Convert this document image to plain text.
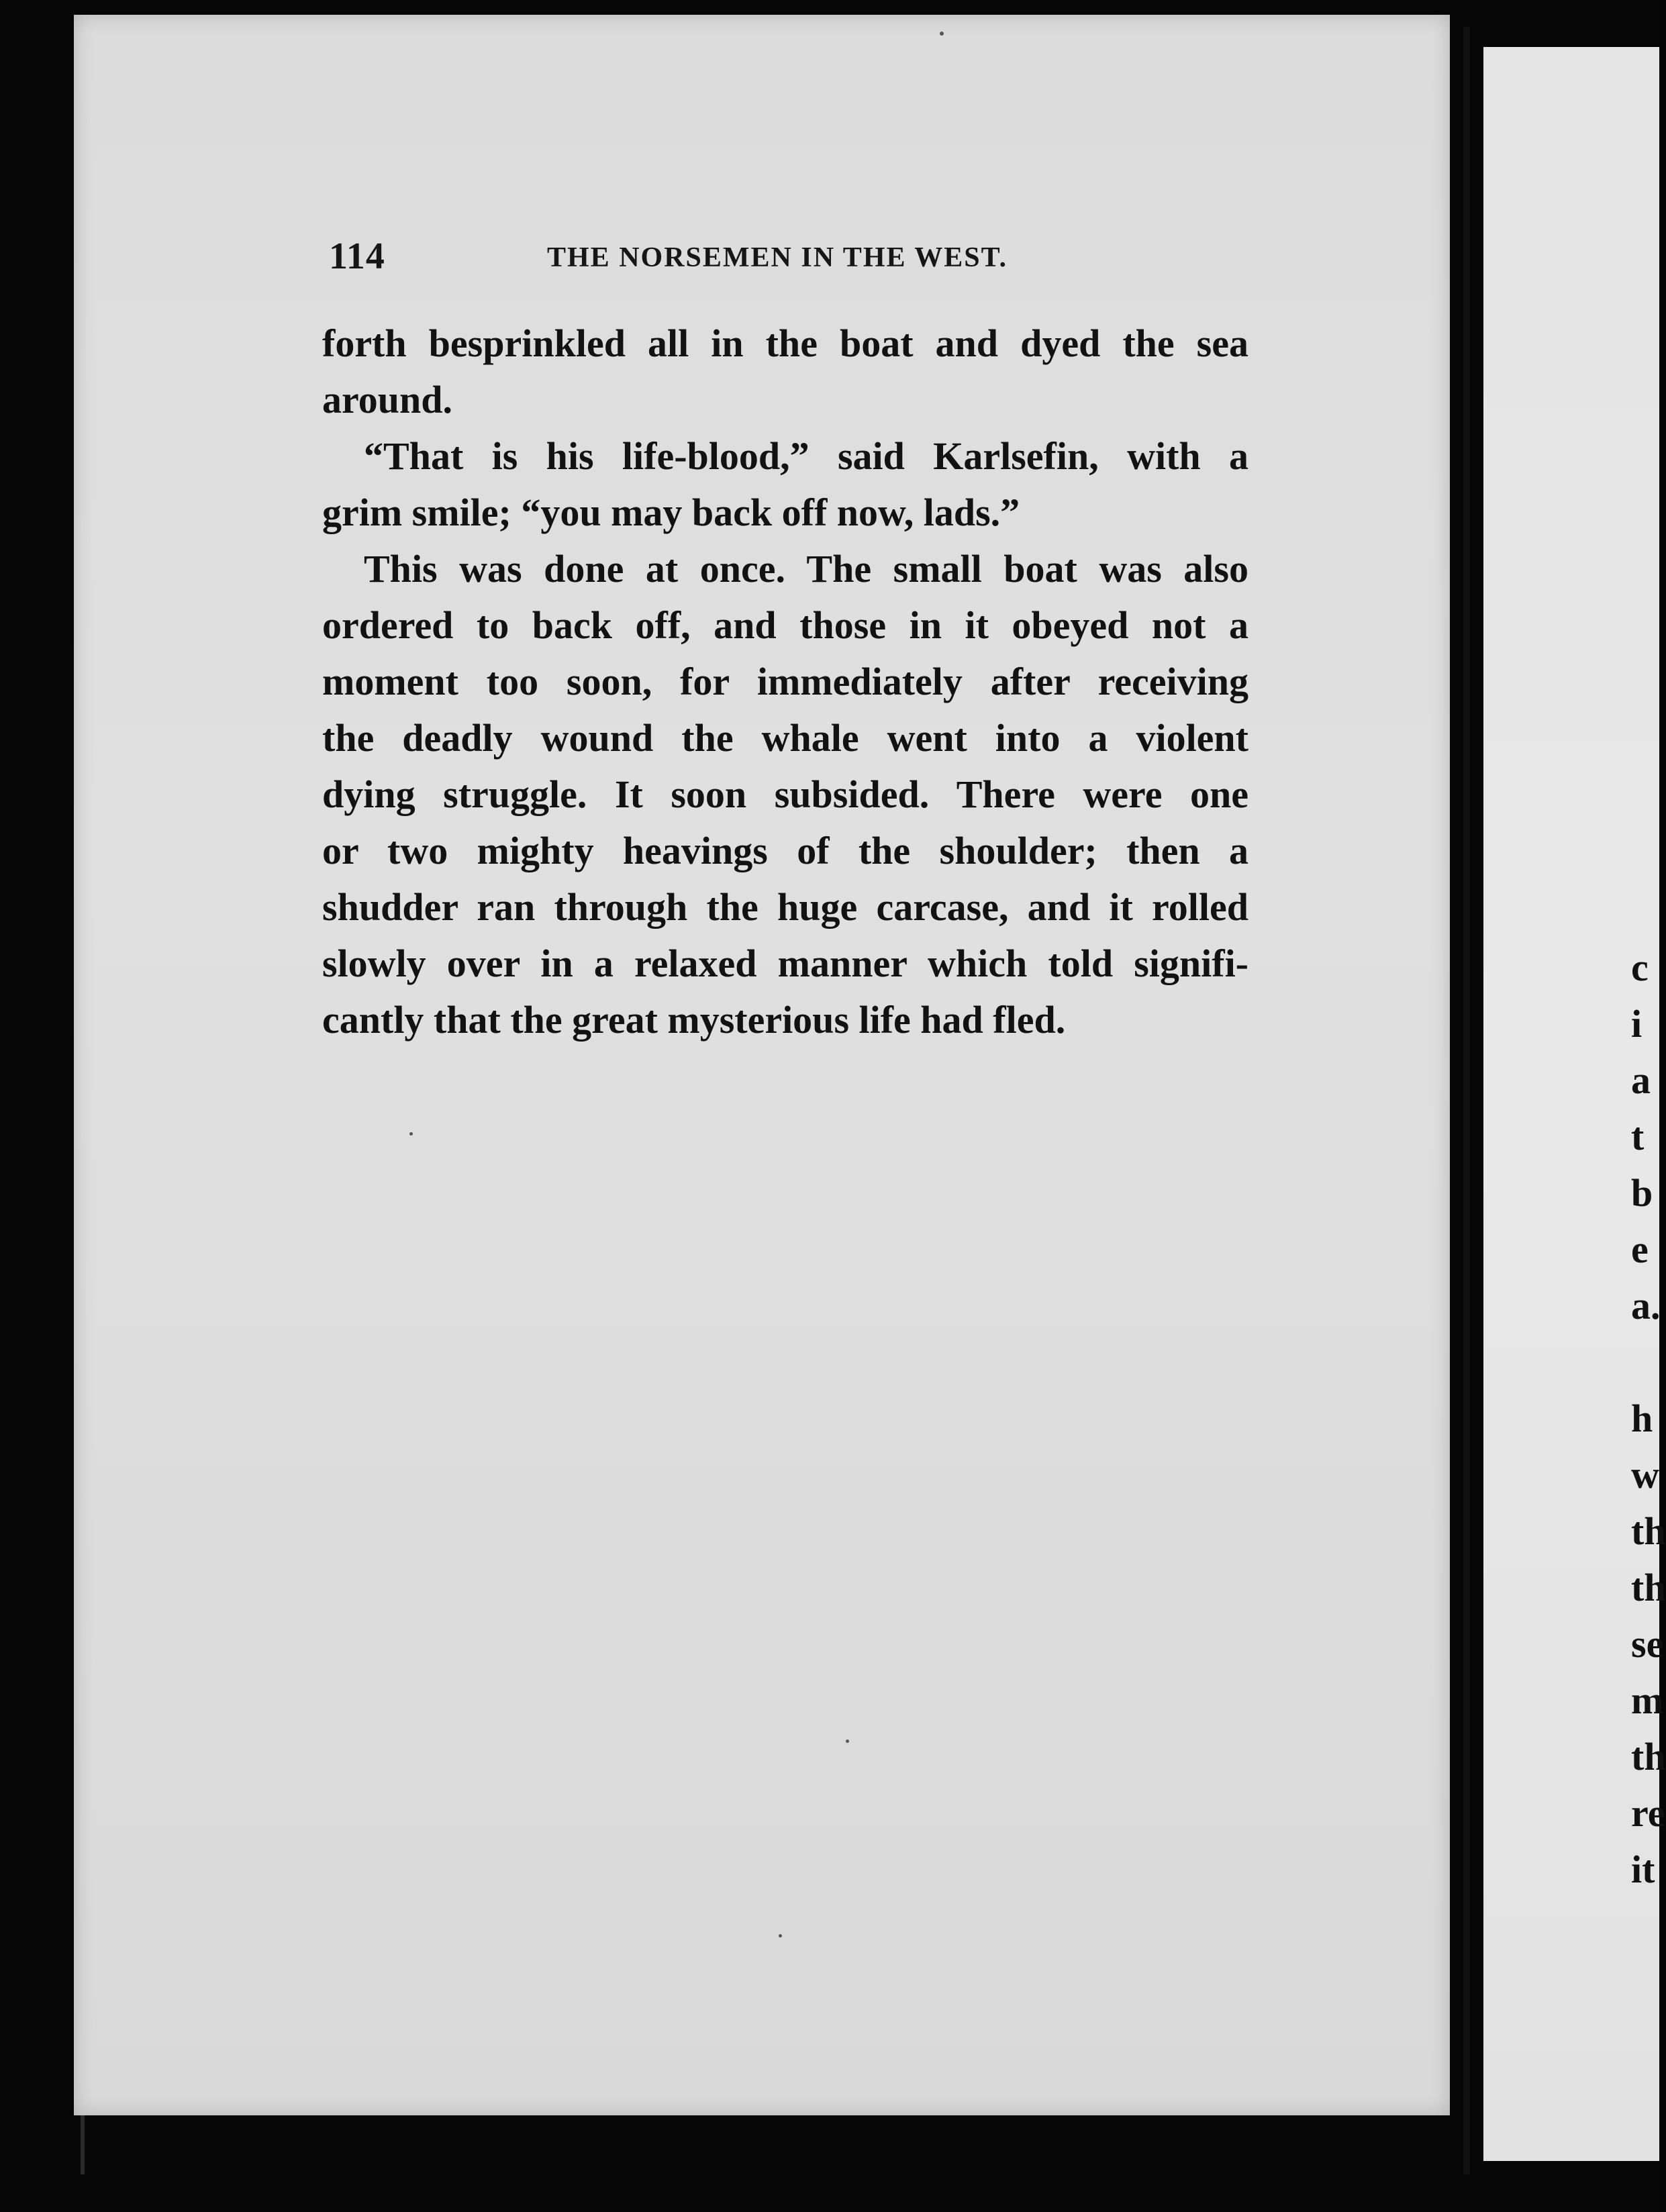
114	THE NORSEMEN IN THE WEST.
forth besprinkled all in the boat and dyed the sea
around.
“That is his life-blood,” said Karlsefin, with a
grim smile; “you may back off now, lads.”
This was done at once. The small boat was also
ordered to back off, and those in it obeyed not a
moment too soon, for immediately after receiving
the deadly wound the whale went into a violent
dying struggle. It soon subsided. There were one
or two mighty heavings of the shoulder; then a
shudder ran through the huge carcase, and it rolled
slowly over in a relaxed manner which told signifi-
cantly that the great mysterious life had fled.
c
i
a
t
b
e
a.
h
w
th
th
se
m
th
re
it
